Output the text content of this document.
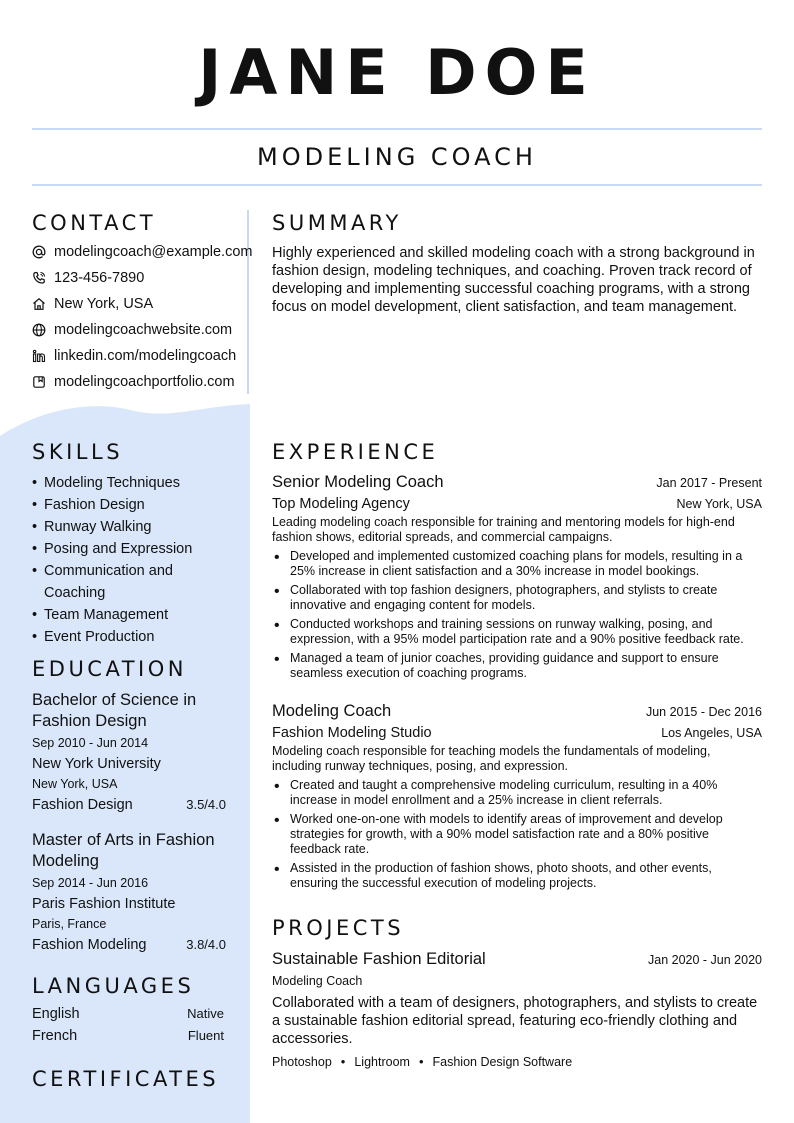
JANE DOE
MODELING COACH
CONTACT
modelingcoach@example.com
123-456-7890
New York, USA
modelingcoachwebsite.com
linkedin.com/modelingcoach
modelingcoachportfolio.com
SKILLS
• Modeling Techniques
• Fashion Design
• Runway Walking
• Posing and Expression
• Communication and Coaching
• Team Management
• Event Production
EDUCATION
Bachelor of Science in Fashion Design
Sep 2010 - Jun 2014
New York University
New York, USA
Fashion Design	3.5/4.0
Master of Arts in Fashion Modeling
Sep 2014 - Jun 2016
Paris Fashion Institute
Paris, France
Fashion Modeling	3.8/4.0
LANGUAGES
English	Native
French	Fluent
CERTIFICATES
SUMMARY
Highly experienced and skilled modeling coach with a strong background in fashion design, modeling techniques, and coaching. Proven track record of developing and implementing successful coaching programs, with a strong focus on model development, client satisfaction, and team management.
EXPERIENCE
Senior Modeling Coach	Jan 2017 - Present
Top Modeling Agency	New York, USA
Leading modeling coach responsible for training and mentoring models for high-end fashion shows, editorial spreads, and commercial campaigns.
• Developed and implemented customized coaching plans for models, resulting in a 25% increase in client satisfaction and a 30% increase in model bookings.
• Collaborated with top fashion designers, photographers, and stylists to create innovative and engaging content for models.
• Conducted workshops and training sessions on runway walking, posing, and expression, with a 95% model participation rate and a 90% positive feedback rate.
• Managed a team of junior coaches, providing guidance and support to ensure seamless execution of coaching programs.
Modeling Coach	Jun 2015 - Dec 2016
Fashion Modeling Studio	Los Angeles, USA
Modeling coach responsible for teaching models the fundamentals of modeling, including runway techniques, posing, and expression.
• Created and taught a comprehensive modeling curriculum, resulting in a 40% increase in model enrollment and a 25% increase in client referrals.
• Worked one-on-one with models to identify areas of improvement and develop strategies for growth, with a 90% model satisfaction rate and a 80% positive feedback rate.
• Assisted in the production of fashion shows, photo shoots, and other events, ensuring the successful execution of modeling projects.
PROJECTS
Sustainable Fashion Editorial	Jan 2020 - Jun 2020
Modeling Coach
Collaborated with a team of designers, photographers, and stylists to create a sustainable fashion editorial spread, featuring eco-friendly clothing and accessories.
Photoshop • Lightroom • Fashion Design Software
